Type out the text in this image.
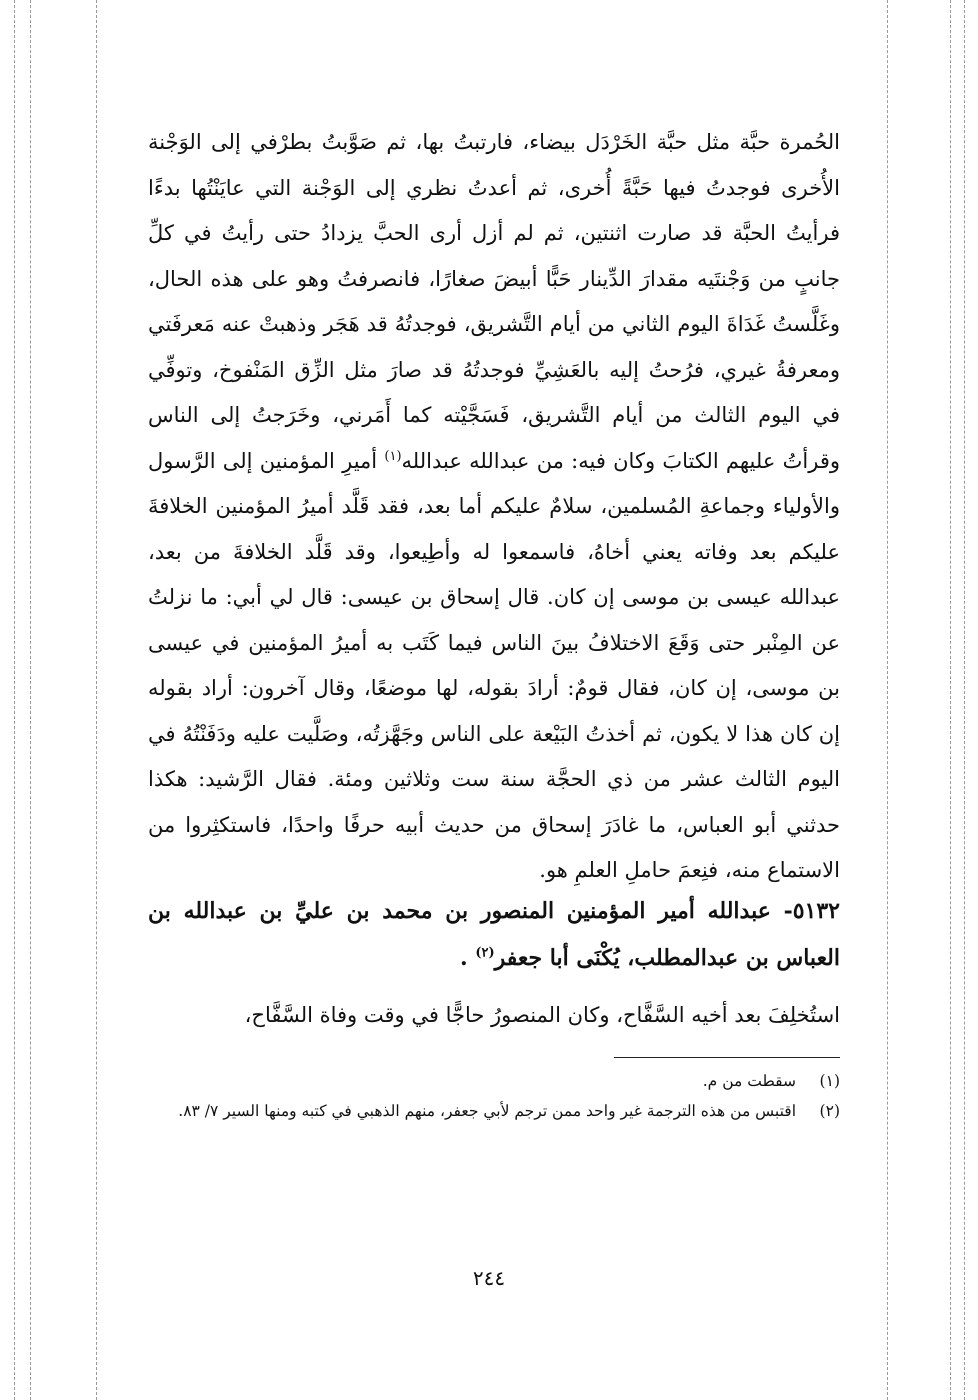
الحُمرة حبَّة مثل حبَّة الخَرْدَل بيضاء، فارتبتُ بها، ثم صَوَّبتُ بطرْفي إلى الوَجْنة الأُخرى فوجدتُ فيها حَبَّةً أُخرى، ثم أعدتُ نظري إلى الوَجْنة التي عايَنْتُها بدءًا فرأيتُ الحبَّة قد صارت اثنتين، ثم لم أزل أرى الحبَّ يزدادُ حتى رأيتُ في كلِّ جانبٍ من وَجْنتَيه مقدارَ الدِّينار حَبًّا أبيضَ صغارًا، فانصرفتُ وهو على هذه الحال، وغَلَّستُ غَدَاةَ اليوم الثاني من أيام التَّشريق، فوجدتُهُ قد هَجَر وذهبتْ عنه مَعرفَتي ومعرفةُ غيري، فرُحتُ إليه بالعَشِيِّ فوجدتُهُ قد صارَ مثل الزِّق المَنْفوخ، وتوفِّي في اليوم الثالث من أيام التَّشريق، فَسَجَّيْته كما أَمَرني، وخَرَجتُ إلى الناس وقرأتُ عليهم الكتابَ وكان فيه: من عبدالله عبدالله$^{(١)}$ أميرِ المؤمنين إلى الرَّسول والأولياء وجماعةِ المُسلمين، سلامٌ عليكم أما بعد، فقد قَلَّد أميرُ المؤمنين الخلافةَ عليكم بعد وفاته يعني أخاهُ، فاسمعوا له وأطِيعوا، وقد قَلَّد الخلافةَ من بعد، عبدالله عيسى بن موسى إن كان. قال إسحاق بن عيسى: قال لي أبي: ما نزلتُ عن المِنْبر حتى وَقَعَ الاختلافُ بينَ الناس فيما كَتَب به أميرُ المؤمنين في عيسى بن موسى، إن كان، فقال قومٌ: أرادَ بقوله، لها موضعًا، وقال آخرون: أراد بقوله إن كان هذا لا يكون، ثم أخذتُ البَيْعة على الناس وجَهَّزتُه، وصَلَّيت عليه ودَفَنْتُهُ في اليوم الثالث عشر من ذي الحجَّة سنة ست وثلاثين ومئة. فقال الرَّشيد: هكذا حدثني أبو العباس، ما غادَرَ إسحاق من حديث أبيه حرفًا واحدًا، فاستكثِروا من الاستماع منه، فنِعمَ حاملِ العلمِ هو.

٥١٣٢- عبدالله أمير المؤمنين المنصور بن محمد بن عليِّ بن عبدالله بن العباس بن عبدالمطلب، يُكْنَى أبا جعفر$^{(٢)}$ .
استُخلِفَ بعد أخيه السَّفَّاح، وكان المنصورُ حاجًّا في وقت وفاة السَّفَّاح،
(١)
سقطت من م.
(٢)
اقتبس من هذه الترجمة غير واحد ممن ترجم لأبي جعفر، منهم الذهبي في كتبه ومنها السير ٧/ ٨٣.
٢٤٤
